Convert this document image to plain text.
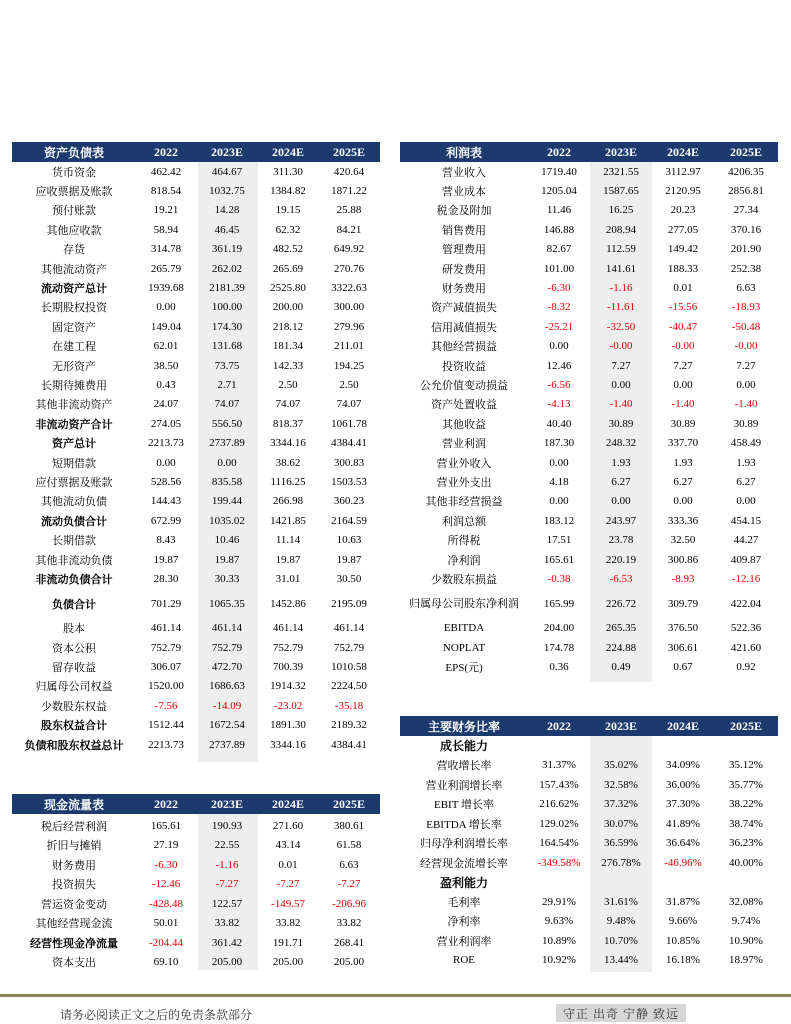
资产负债表	2022	2023E	2024E	2025E
货币资金	462.42	464.67	311.30	420.64
应收票据及账款	818.54	1032.75	1384.82	1871.22
预付账款	19.21	14.28	19.15	25.88
其他应收款	58.94	46.45	62.32	84.21
存货	314.78	361.19	482.52	649.92
其他流动资产	265.79	262.02	265.69	270.76
流动资产总计	1939.68	2181.39	2525.80	3322.63
长期股权投资	0.00	100.00	200.00	300.00
固定资产	149.04	174.30	218.12	279.96
在建工程	62.01	131.68	181.34	211.01
无形资产	38.50	73.75	142.33	194.25
长期待摊费用	0.43	2.71	2.50	2.50
其他非流动资产	24.07	74.07	74.07	74.07
非流动资产合计	274.05	556.50	818.37	1061.78
资产总计	2213.73	2737.89	3344.16	4384.41
短期借款	0.00	0.00	38.62	300.83
应付票据及账款	528.56	835.58	1116.25	1503.53
其他流动负债	144.43	199.44	266.98	360.23
流动负债合计	672.99	1035.02	1421.85	2164.59
长期借款	8.43	10.46	11.14	10.63
其他非流动负债	19.87	19.87	19.87	19.87
非流动负债合计	28.30	30.33	31.01	30.50
负债合计	701.29	1065.35	1452.86	2195.09
股本	461.14	461.14	461.14	461.14
资本公积	752.79	752.79	752.79	752.79
留存收益	306.07	472.70	700.39	1010.58
归属母公司权益	1520.00	1686.63	1914.32	2224.50
少数股东权益	-7.56	-14.09	-23.02	-35.18
股东权益合计	1512.44	1672.54	1891.30	2189.32
负债和股东权益总计	2213.73	2737.89	3344.16	4384.41
利润表	2022	2023E	2024E	2025E
营业收入	1719.40	2321.55	3112.97	4206.35
营业成本	1205.04	1587.65	2120.95	2856.81
税金及附加	11.46	16.25	20.23	27.34
销售费用	146.88	208.94	277.05	370.16
管理费用	82.67	112.59	149.42	201.90
研发费用	101.00	141.61	188.33	252.38
财务费用	-6.30	-1.16	0.01	6.63
资产减值损失	-8.32	-11.61	-15.56	-18.93
信用减值损失	-25.21	-32.50	-40.47	-50.48
其他经营损益	0.00	-0.00	-0.00	-0.00
投资收益	12.46	7.27	7.27	7.27
公允价值变动损益	-6.56	0.00	0.00	0.00
资产处置收益	-4.13	-1.40	-1.40	-1.40
其他收益	40.40	30.89	30.89	30.89
营业利润	187.30	248.32	337.70	458.49
营业外收入	0.00	1.93	1.93	1.93
营业外支出	4.18	6.27	6.27	6.27
其他非经营损益	0.00	0.00	0.00	0.00
利润总额	183.12	243.97	333.36	454.15
所得税	17.51	23.78	32.50	44.27
净利润	165.61	220.19	300.86	409.87
少数股东损益	-0.38	-6.53	-8.93	-12.16
归属母公司股东净利润	165.99	226.72	309.79	422.04
EBITDA	204.00	265.35	376.50	522.36
NOPLAT	174.78	224.88	306.61	421.60
EPS(元)	0.36	0.49	0.67	0.92
现金流量表	2022	2023E	2024E	2025E
税后经营利润	165.61	190.93	271.60	380.61
折旧与摊销	27.19	22.55	43.14	61.58
财务费用	-6.30	-1.16	0.01	6.63
投资损失	-12.46	-7.27	-7.27	-7.27
营运资金变动	-428.48	122.57	-149.57	-206.96
其他经营现金流	50.01	33.82	33.82	33.82
经营性现金净流量	-204.44	361.42	191.71	268.41
资本支出	69.10	205.00	205.00	205.00
主要财务比率	2022	2023E	2024E	2025E
成长能力
营收增长率	31.37%	35.02%	34.09%	35.12%
营业利润增长率	157.43%	32.58%	36.00%	35.77%
EBIT 增长率	216.62%	37.32%	37.30%	38.22%
EBITDA 增长率	129.02%	30.07%	41.89%	38.74%
归母净利润增长率	164.54%	36.59%	36.64%	36.23%
经营现金流增长率	-349.58%	276.78%	-46.96%	40.00%
盈利能力
毛利率	29.91%	31.61%	31.87%	32.08%
净利率	9.63%	9.48%	9.66%	9.74%
营业利润率	10.89%	10.70%	10.85%	10.90%
ROE	10.92%	13.44%	16.18%	18.97%
请务必阅读正文之后的免责条款部分	守正 出奇 宁静 致远
